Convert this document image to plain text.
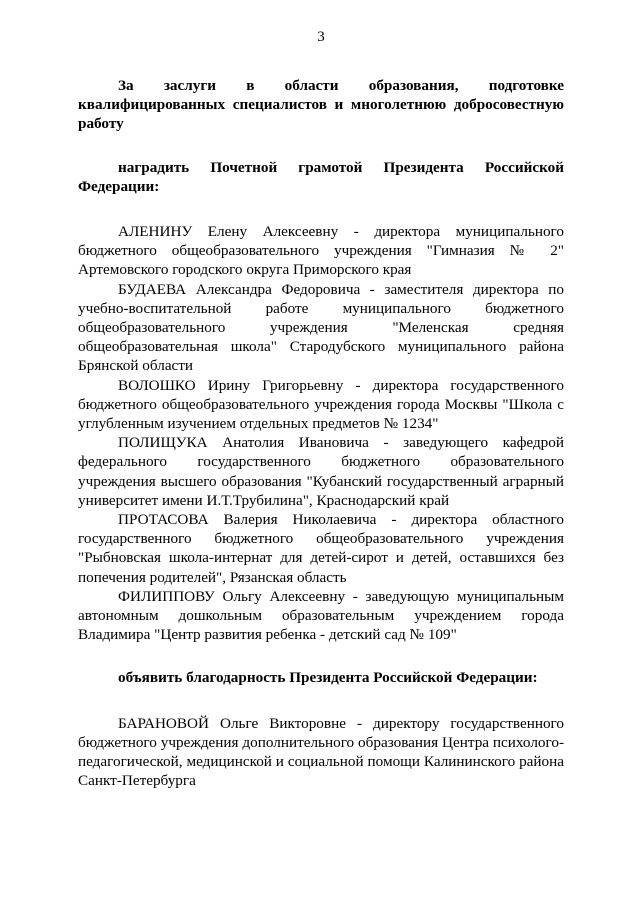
3

За заслуги в области образования, подготовке квалифицированных специалистов и многолетнюю добросовестную работу

наградить Почетной грамотой Президента Российской Федерации:

АЛЕНИНУ Елену Алексеевну - директора муниципального бюджетного общеобразовательного учреждения "Гимназия № 2" Артемовского городского округа Приморского края

БУДАЕВА Александра Федоровича - заместителя директора по учебно-воспитательной работе муниципального бюджетного общеобразовательного учреждения "Меленская средняя общеобразовательная школа" Стародубского муниципального района Брянской области

ВОЛОШКО Ирину Григорьевну - директора государственного бюджетного общеобразовательного учреждения города Москвы "Школа с углубленным изучением отдельных предметов № 1234"

ПОЛИЩУКА Анатолия Ивановича - заведующего кафедрой федерального государственного бюджетного образовательного учреждения высшего образования "Кубанский государственный аграрный университет имени И.Т.Трубилина", Краснодарский край

ПРОТАСОВА Валерия Николаевича - директора областного государственного бюджетного общеобразовательного учреждения "Рыбновская школа-интернат для детей-сирот и детей, оставшихся без попечения родителей", Рязанская область

ФИЛИППОВУ Ольгу Алексеевну - заведующую муниципальным автономным дошкольным образовательным учреждением города Владимира "Центр развития ребенка - детский сад № 109"

объявить благодарность Президента Российской Федерации:

БАРАНОВОЙ Ольге Викторовне - директору государственного бюджетного учреждения дополнительного образования Центра психолого-педагогической, медицинской и социальной помощи Калининского района Санкт-Петербурга
